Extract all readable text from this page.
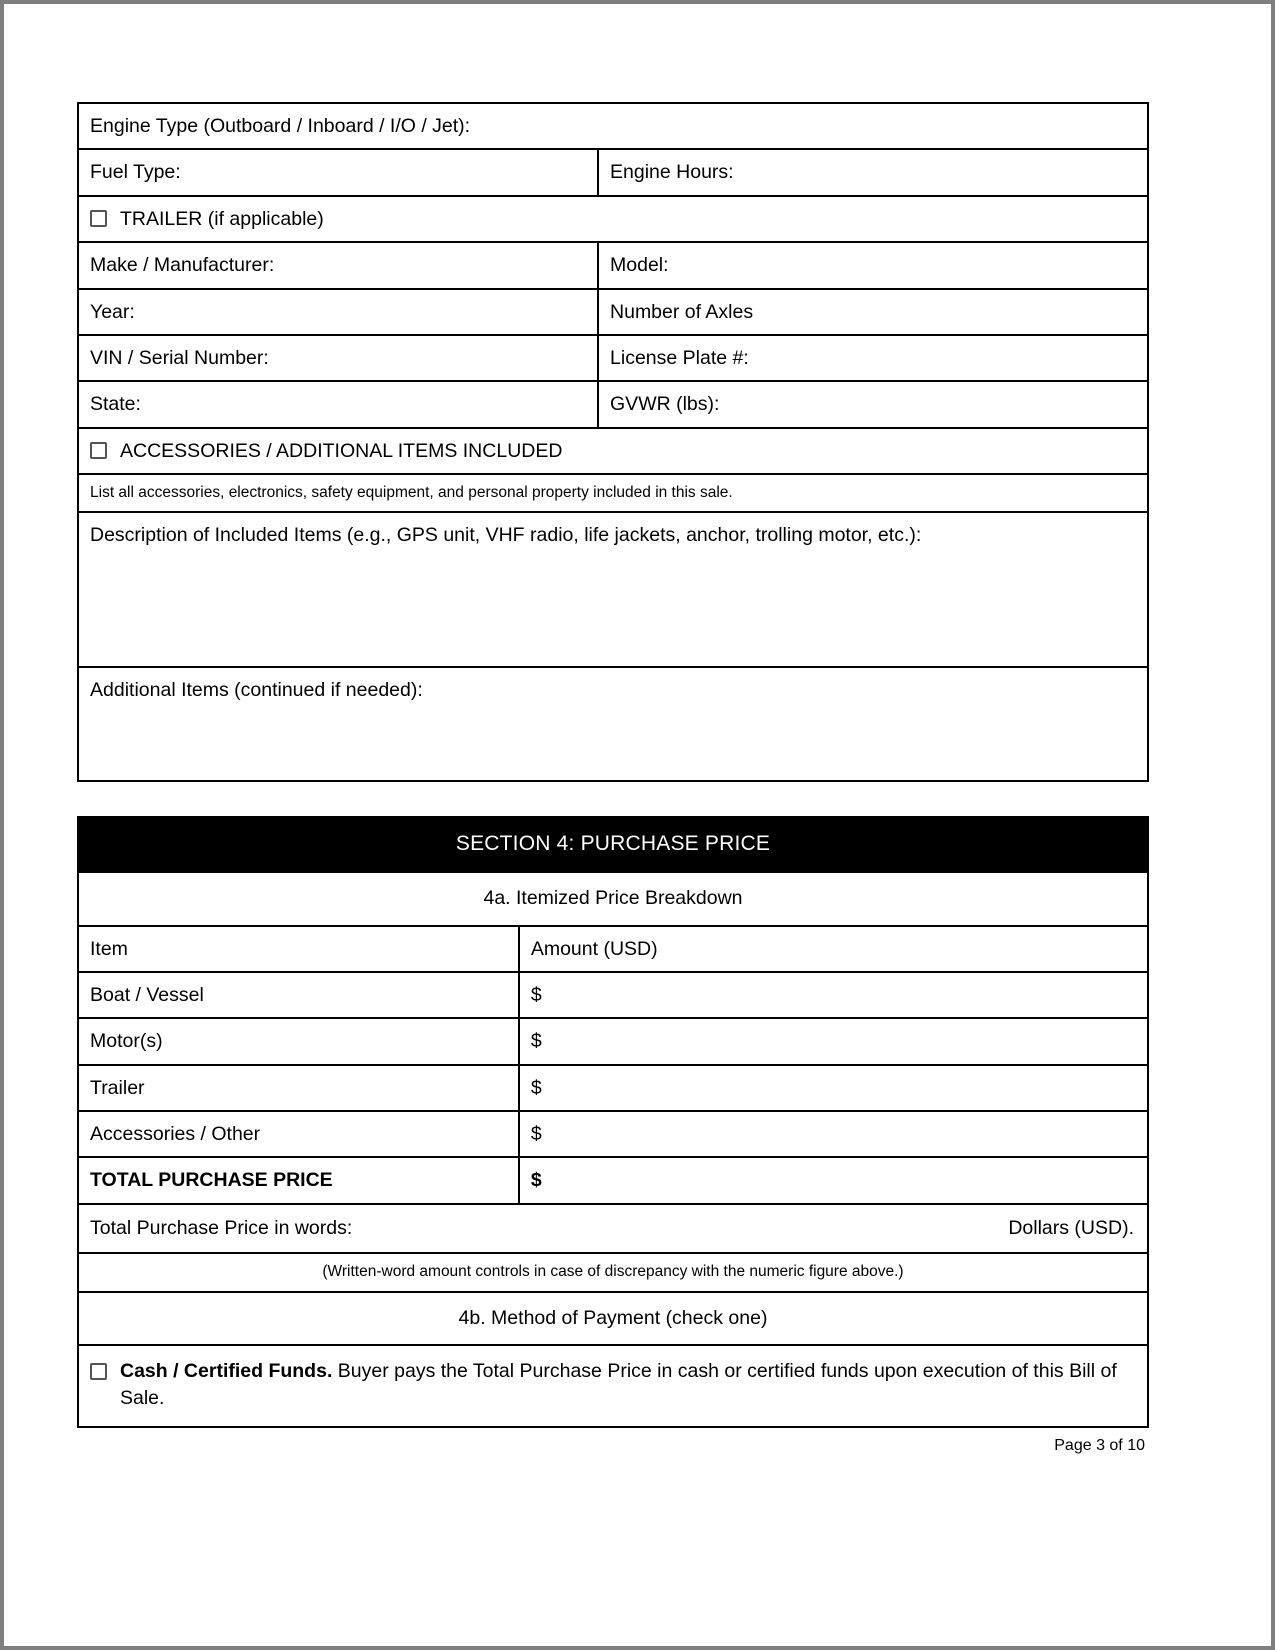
Engine Type (Outboard / Inboard / I/O / Jet):	

Fuel Type:	Engine Hours:

TRAILER (if applicable)	

Make / Manufacturer:	Model:

Year:	Number of Axles

VIN / Serial Number:	License Plate #:

State:	GVWR (lbs):

ACCESSORIES / ADDITIONAL ITEMS INCLUDED	

List all accessories, electronics, safety equipment, and personal property included in this sale.	

Description of Included Items (e.g., GPS unit, VHF radio, life jackets, anchor, trolling motor, etc.):	

Additional Items (continued if needed):	
SECTION 4: PURCHASE PRICE	

4a. Itemized Price Breakdown	

Item	Amount (USD)

Boat / Vessel	$

Motor(s)	$

Trailer	$

Accessories / Other	$

TOTAL PURCHASE PRICE	$

Total Purchase Price in words: Dollars (USD).	

(Written-word amount controls in case of discrepancy with the numeric figure above.)	

4b. Method of Payment (check one)	

Cash / Certified Funds. Buyer pays the Total Purchase Price in cash or certified funds upon execution of this Bill of Sale.	
Page 3 of 10
